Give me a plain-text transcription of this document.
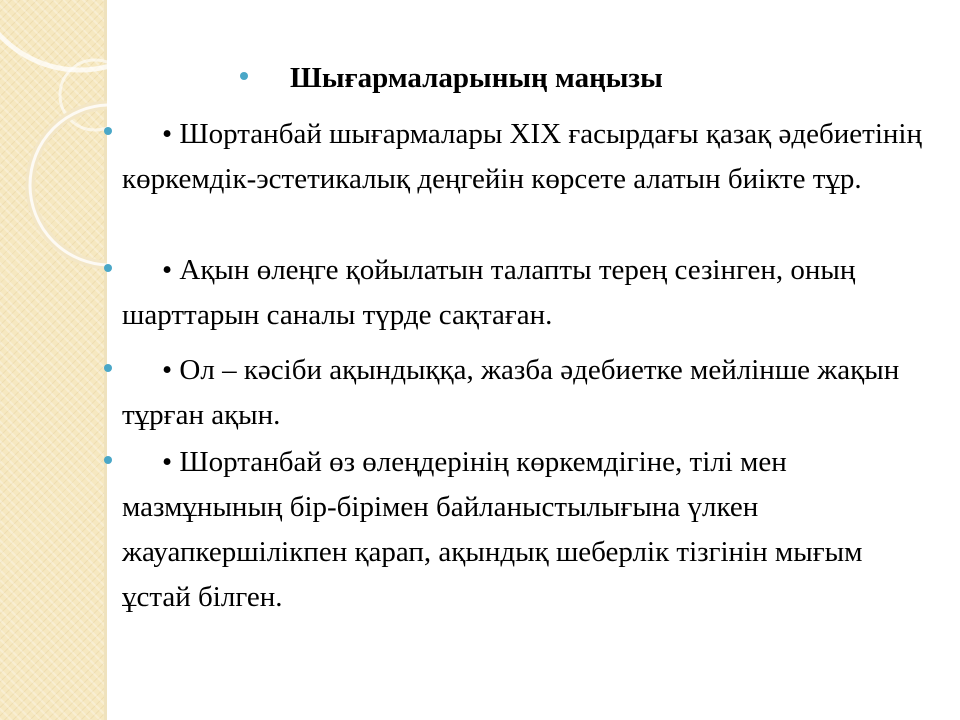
Шығармаларының маңызы
• Шортанбай шығармалары XIX ғасырдағы қазақ әдебиетінің көркемдік-эстетикалық деңгейін көрсете алатын биікте тұр.
• Ақын өлеңге қойылатын талапты терең сезінген, оның шарттарын саналы түрде сақтаған.
• Ол – кәсіби ақындыққа, жазба әдебиетке мейлінше жақын тұрған ақын.
• Шортанбай өз өлеңдерінің көркемдігіне, тілі мен мазмұнының бір-бірімен байланыстылығына үлкен жауапкершілікпен қарап, ақындық шеберлік тізгінін мығым ұстай білген.
